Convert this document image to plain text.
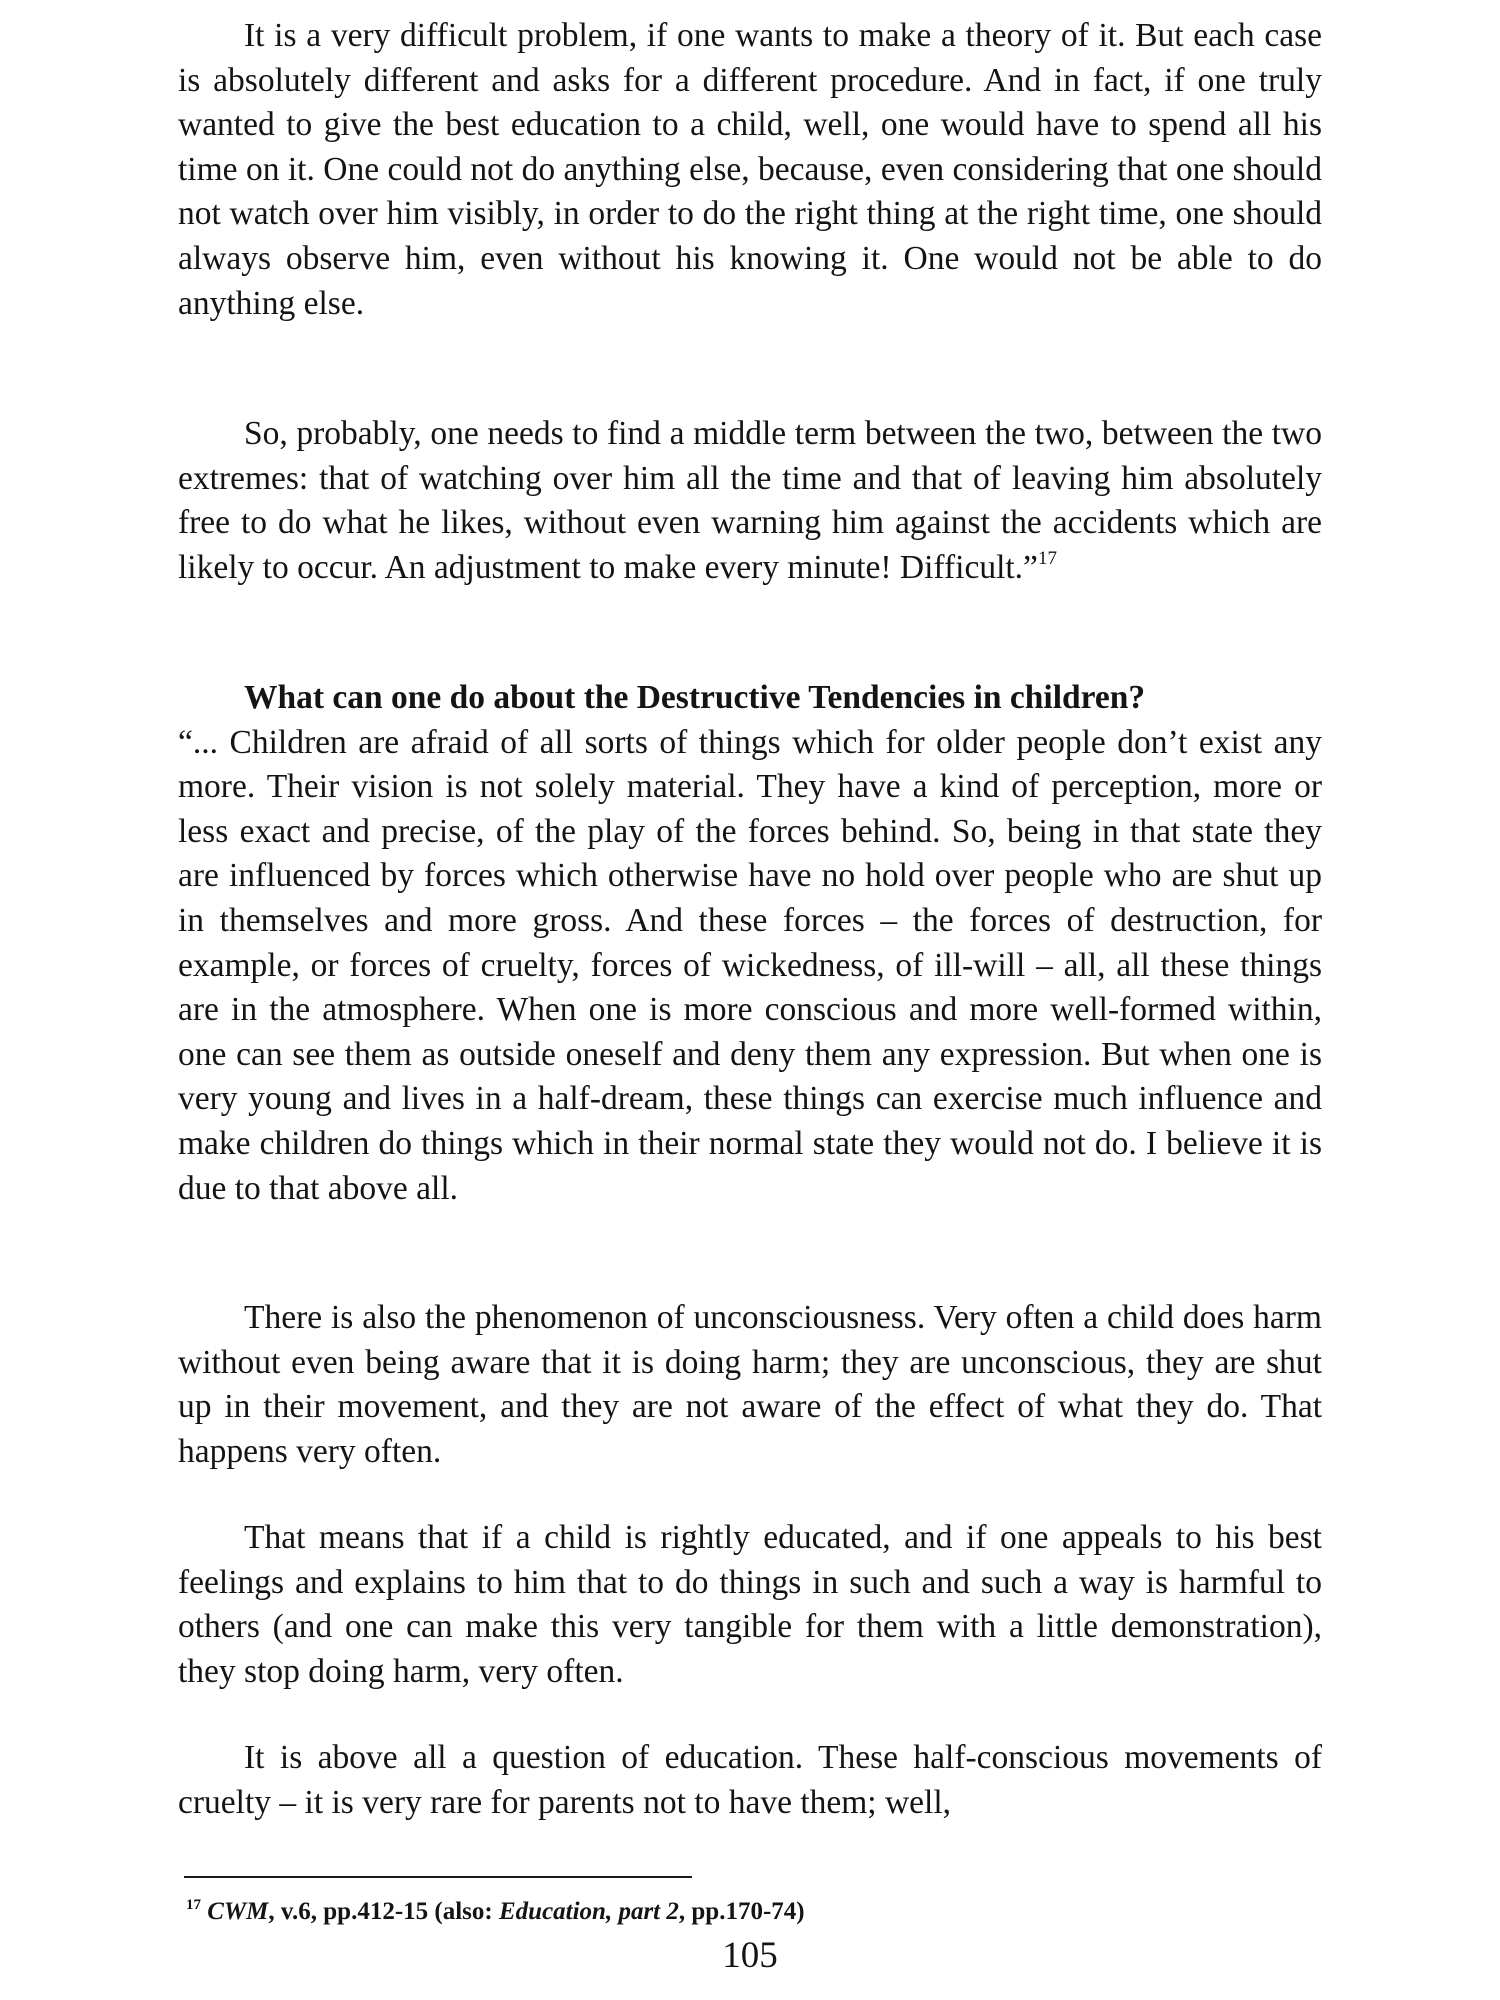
It is a very difficult problem, if one wants to make a theory of it. But each case is absolutely different and asks for a different procedure. And in fact, if one truly wanted to give the best education to a child, well, one would have to spend all his time on it. One could not do anything else, because, even considering that one should not watch over him visibly, in order to do the right thing at the right time, one should always observe him, even without his knowing it. One would not be able to do anything else.

So, probably, one needs to find a middle term between the two, between the two extremes: that of watching over him all the time and that of leaving him absolutely free to do what he likes, without even warning him against the accidents which are likely to occur. An adjustment to make every minute! Difficult.”$^{17}$

What can one do about the Destructive Tendencies in children?

“... Children are afraid of all sorts of things which for older people don’t exist any more. Their vision is not solely material. They have a kind of perception, more or less exact and precise, of the play of the forces behind. So, being in that state they are influenced by forces which otherwise have no hold over people who are shut up in themselves and more gross. And these forces – the forces of destruction, for example, or forces of cruelty, forces of wickedness, of ill-will – all, all these things are in the atmosphere. When one is more conscious and more well-formed within, one can see them as outside oneself and deny them any expression. But when one is very young and lives in a half-dream, these things can exercise much influence and make children do things which in their normal state they would not do. I believe it is due to that above all.

There is also the phenomenon of unconsciousness. Very often a child does harm without even being aware that it is doing harm; they are unconscious, they are shut up in their movement, and they are not aware of the effect of what they do. That happens very often.

That means that if a child is rightly educated, and if one appeals to his best feelings and explains to him that to do things in such and such a way is harmful to others (and one can make this very tangible for them with a little demonstration), they stop doing harm, very often.

It is above all a question of education. These half-conscious movements of cruelty – it is very rare for parents not to have them; well,

$^{17}$ CWM, v.6, pp.412-15 (also: Education, part 2, pp.170-74)
105
